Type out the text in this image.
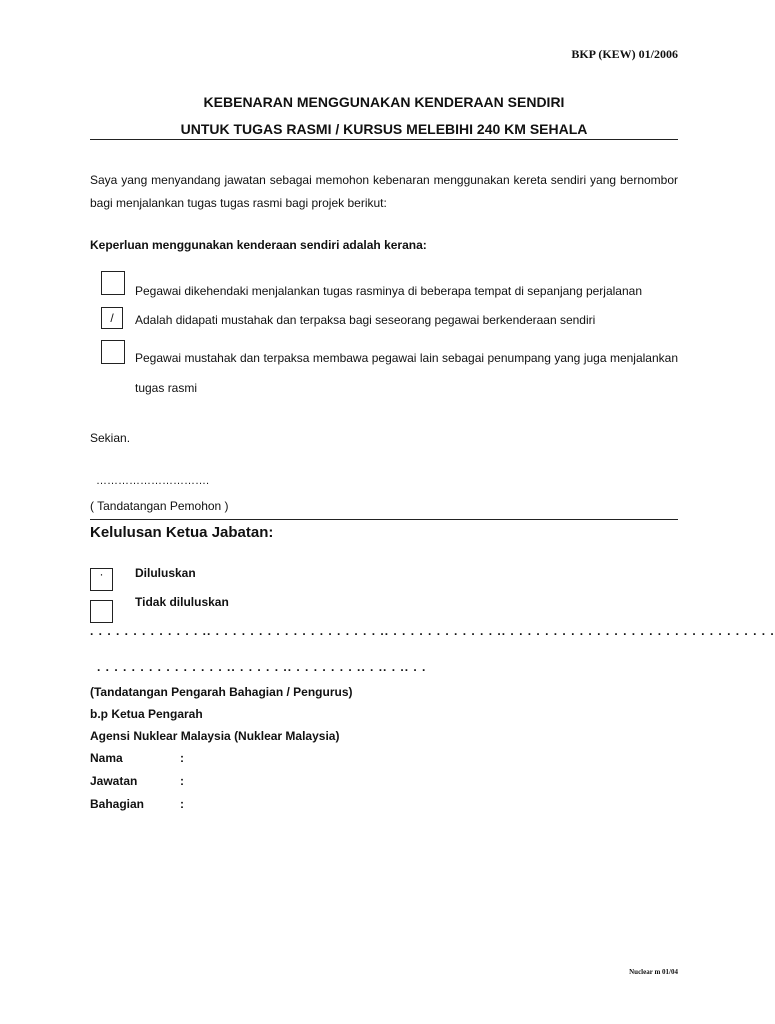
BKP (KEW) 01/2006
KEBENARAN MENGGUNAKAN KENDERAAN SENDIRI
UNTUK TUGAS RASMI / KURSUS MELEBIHI 240 KM SEHALA
Saya yang menyandang jawatan sebagai memohon kebenaran menggunakan kereta sendiri yang bernombor bagi menjalankan tugas tugas rasmi bagi projek berikut:
Keperluan menggunakan kenderaan sendiri adalah kerana:
Pegawai dikehendaki menjalankan tugas rasminya di beberapa tempat di sepanjang perjalanan
/	Adalah didapati mustahak dan terpaksa bagi seseorang pegawai berkenderaan sendiri
Pegawai mustahak dan terpaksa membawa pegawai lain sebagai penumpang yang juga menjalankan tugas rasmi
Sekian.
………………………….
( Tandatangan Pemohon )
Kelulusan Ketua Jabatan:
·	Diluluskan
Tidak diluluskan
. . . . . . . . . . . . . .. . . . . . . . . . . . . . . . . . . . .. . . . . . . . . . . . . .. . . . . . . . . . . . . . . . . . . . . . . . . . . . . . . .
. . . . . . . . . . . . . . . .. . . . . . .. . . . . . . . .. . .. . .. . .
(Tandatangan Pengarah Bahagian / Pengurus)
b.p Ketua Pengarah
Agensi Nuklear Malaysia (Nuklear Malaysia)
Nama	:
Jawatan	:
Bahagian	:
Nuclear m 01/04
